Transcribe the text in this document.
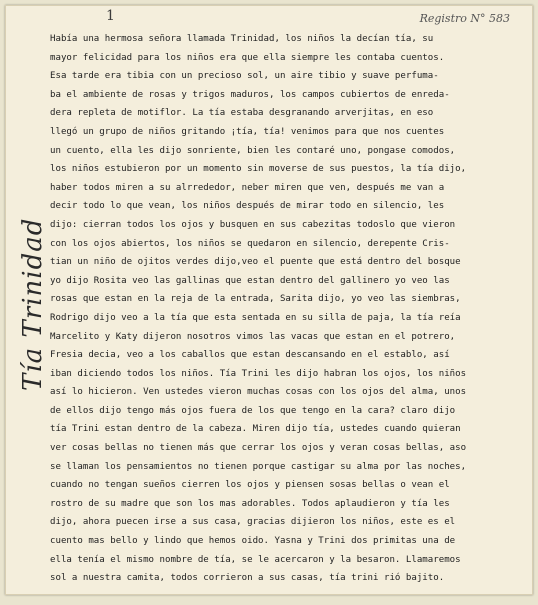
1	Registro N° 583
Tía Trinidad
Había una hermosa señora llamada Trinidad, los niños la decían tía, su
mayor felicidad para los niños era que ella siempre les contaba cuentos.
Esa tarde era tibia con un precioso sol, un aire tibio y suave perfuma-
ba el ambiente de rosas y trigos maduros, los campos cubiertos de enreda-
dera repleta de motiflor. La tía estaba desgranando arverjitas, en eso
llegó un grupo de niños gritando ¡tía, tía! venimos para que nos cuentes
un cuento, ella les dijo sonriente, bien les contaré uno, pongase comodos,
los niños estubieron por un momento sin moverse de sus puestos, la tía dijo,
haber todos miren a su alrrededor, neber miren que ven, después me van a
decir todo lo que vean, los niños después de mirar todo en silencio, les
dijo: cierran todos los ojos y busquen en sus cabezitas todoslo que vieron
con los ojos abiertos, los niños se quedaron en silencio, derepente Cris-
tian un niño de ojitos verdes dijo,veo el puente que está dentro del bosque
yo dijo Rosita veo las gallinas que estan dentro del gallinero yo veo las
rosas que estan en la reja de la entrada, Sarita dijo, yo veo las siembras,
Rodrigo dijo veo a la tía que esta sentada en su silla de paja, la tía reía
Marcelito y Katy dijeron nosotros vimos las vacas que estan en el potrero,
Fresia decia, veo a los caballos que estan descansando en el establo, así
iban diciendo todos los niños. Tía Trini les dijo habran los ojos, los niños
así lo hicieron. Ven ustedes vieron muchas cosas con los ojos del alma, unos
de ellos dijo tengo más ojos fuera de los que tengo en la cara? claro dijo
tía Trini estan dentro de la cabeza. Miren dijo tía, ustedes cuando quieran
ver cosas bellas no tienen más que cerrar los ojos y veran cosas bellas, aso
se llaman los pensamientos no tienen porque castigar su alma por las noches,
cuando no tengan sueños cierren los ojos y piensen sosas bellas o vean el
rostro de su madre que son los mas adorables. Todos aplaudieron y tía les
dijo, ahora puecen irse a sus casa, gracias dijieron los niños, este es el
cuento mas bello y lindo que hemos oido. Yasna y Trini dos primitas una de
ella tenía el mismo nombre de tía, se le acercaron y la besaron. Llamaremos
sol a nuestra camita, todos corrieron a sus casas, tía trini rió bajito.
